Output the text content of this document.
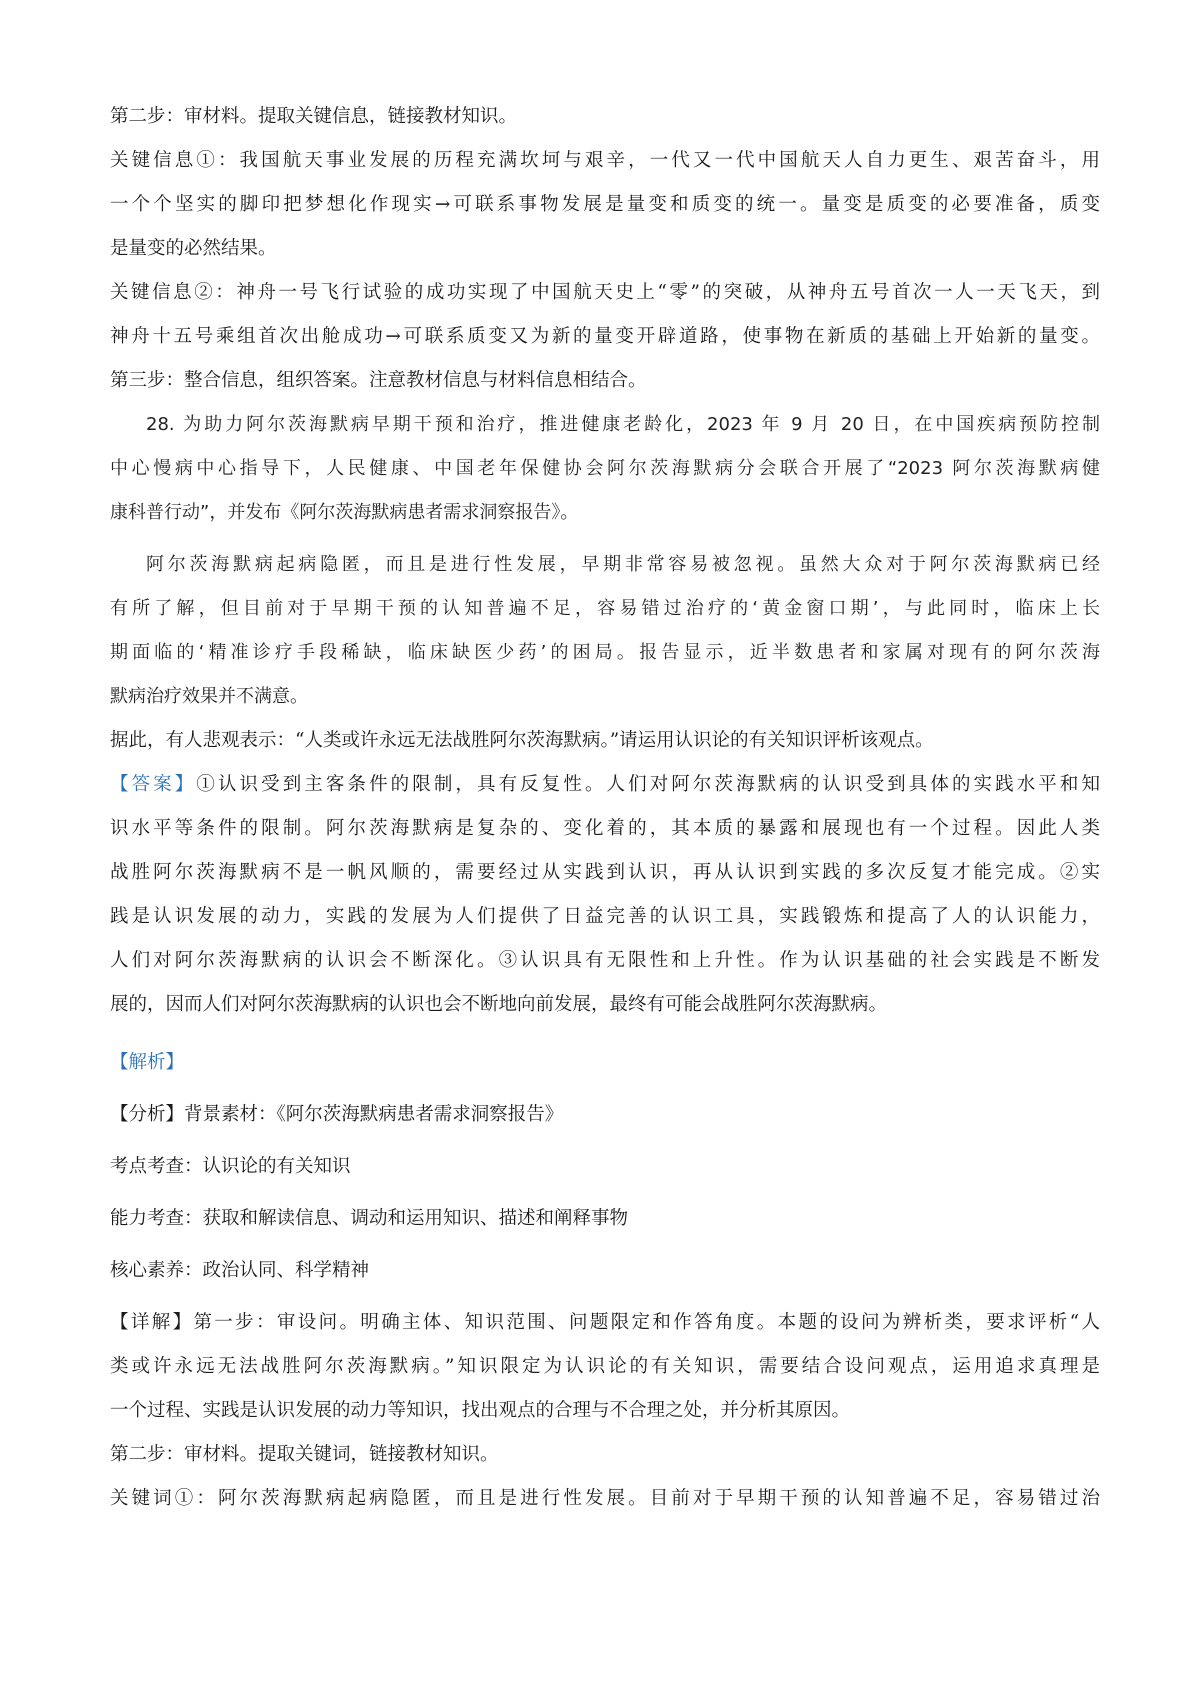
第二步：审材料。提取关键信息，链接教材知识。
关键信息①：我国航天事业发展的历程充满坎坷与艰辛，一代又一代中国航天人自力更生、艰苦奋斗，用
一个个坚实的脚印把梦想化作现实→可联系事物发展是量变和质变的统一。量变是质变的必要准备，质变
是量变的必然结果。
关键信息②：神舟一号飞行试验的成功实现了中国航天史上“零”的突破，从神舟五号首次一人一天飞天，到
神舟十五号乘组首次出舱成功→可联系质变又为新的量变开辟道路，使事物在新质的基础上开始新的量变。
第三步：整合信息，组织答案。注意教材信息与材料信息相结合。
28. 为助力阿尔茨海默病早期干预和治疗，推进健康老龄化，2023 年 9 月 20 日，在中国疾病预防控制
中心慢病中心指导下，人民健康、中国老年保健协会阿尔茨海默病分会联合开展了“2023 阿尔茨海默病健
康科普行动”，并发布《阿尔茨海默病患者需求洞察报告》。
阿尔茨海默病起病隐匿，而且是进行性发展，早期非常容易被忽视。虽然大众对于阿尔茨海默病已经
有所了解，但目前对于早期干预的认知普遍不足，容易错过治疗的‘黄金窗口期’，与此同时，临床上长
期面临的‘精准诊疗手段稀缺，临床缺医少药’的困局。报告显示，近半数患者和家属对现有的阿尔茨海
默病治疗效果并不满意。
据此，有人悲观表示：“人类或许永远无法战胜阿尔茨海默病。”请运用认识论的有关知识评析该观点。
【答案】①认识受到主客条件的限制，具有反复性。人们对阿尔茨海默病的认识受到具体的实践水平和知
识水平等条件的限制。阿尔茨海默病是复杂的、变化着的，其本质的暴露和展现也有一个过程。因此人类
战胜阿尔茨海默病不是一帆风顺的，需要经过从实践到认识，再从认识到实践的多次反复才能完成。②实
践是认识发展的动力，实践的发展为人们提供了日益完善的认识工具，实践锻炼和提高了人的认识能力，
人们对阿尔茨海默病的认识会不断深化。③认识具有无限性和上升性。作为认识基础的社会实践是不断发
展的，因而人们对阿尔茨海默病的认识也会不断地向前发展，最终有可能会战胜阿尔茨海默病。
【解析】
【分析】背景素材：《阿尔茨海默病患者需求洞察报告》
考点考查：认识论的有关知识
能力考查：获取和解读信息、调动和运用知识、描述和阐释事物
核心素养：政治认同、科学精神
【详解】第一步：审设问。明确主体、知识范围、问题限定和作答角度。本题的设问为辨析类，要求评析“人
类或许永远无法战胜阿尔茨海默病。”知识限定为认识论的有关知识，需要结合设问观点，运用追求真理是
一个过程、实践是认识发展的动力等知识，找出观点的合理与不合理之处，并分析其原因。
第二步：审材料。提取关键词，链接教材知识。
关键词①：阿尔茨海默病起病隐匿，而且是进行性发展。目前对于早期干预的认知普遍不足，容易错过治
